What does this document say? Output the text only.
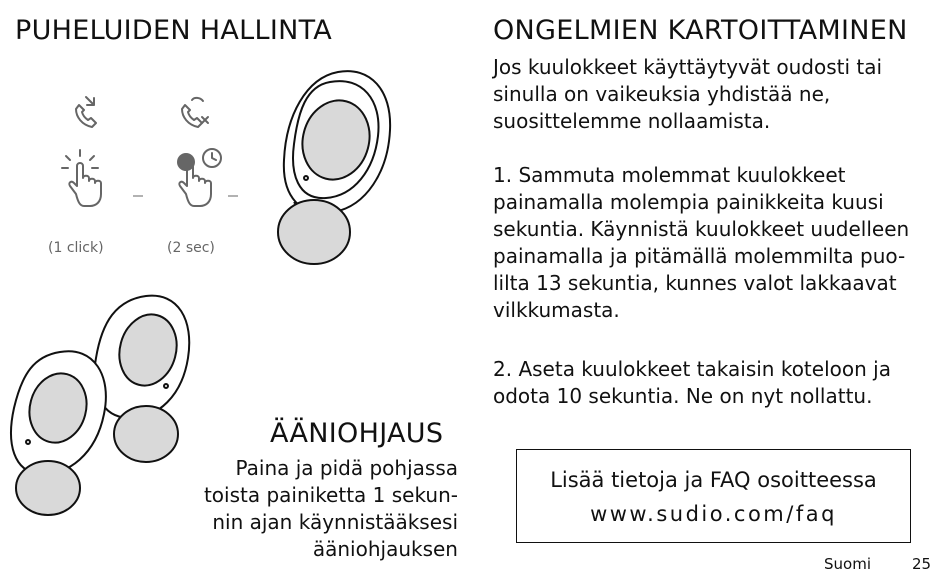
PUHELUIDEN HALLINTA
(1 click)	(2 sec)
ÄÄNIOHJAUS
Paina ja pidä pohjassa toista painiketta 1 sekun-nin ajan käynnistääksesi ääniohjauksen
ONGELMIEN KARTOITTAMINEN
Jos kuulokkeet käyttäytyvät oudosti tai sinulla on vaikeuksia yhdistää ne, suosittelemme nollaamista.
1. Sammuta molemmat kuulokkeet painamalla molempia painikkeita kuusi sekuntia. Käynnistä kuulokkeet uudelleen painamalla ja pitämällä molemmilta puo-lilta 13 sekuntia, kunnes valot lakkaavat vilkkumasta.
2. Aseta kuulokkeet takaisin koteloon ja odota 10 sekuntia. Ne on nyt nollattu.
Lisää tietoja ja FAQ osoitteessa
www.sudio.com/faq
Suomi	25
